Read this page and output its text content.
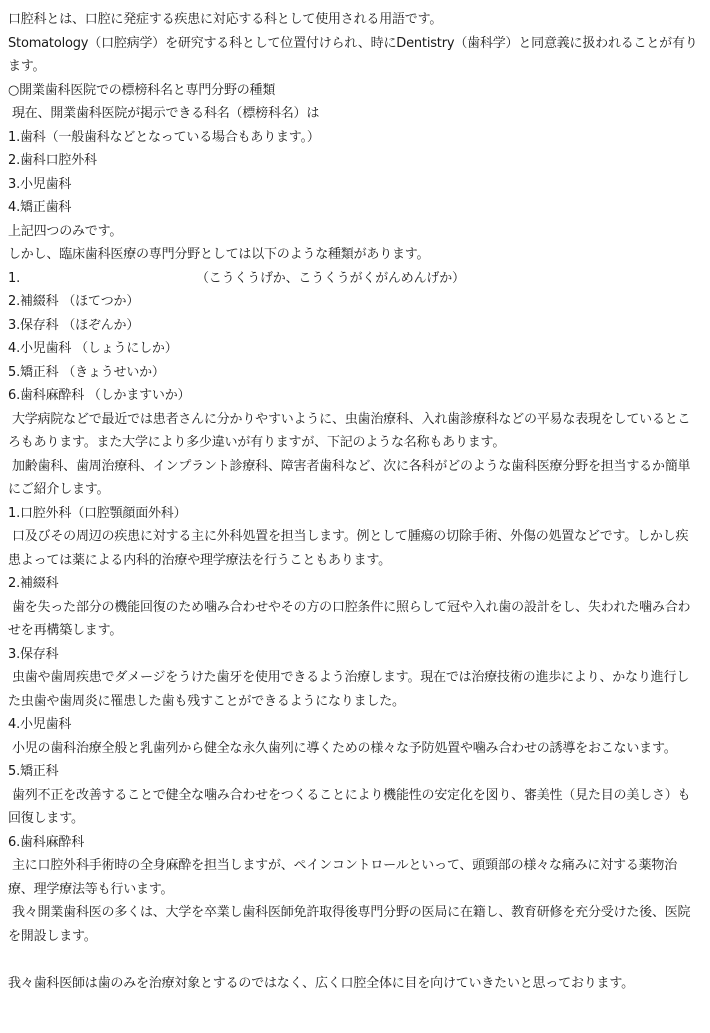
口腔科とは、口腔に発症する疾患に対応する科として使用される用語です。

Stomatology（口腔病学）を研究する科として位置付けられ、時にDentistry（歯科学）と同意義に扱われることが有ります。

○開業歯科医院での標榜科名と専門分野の種類

現在、開業歯科医院が掲示できる科名（標榜科名）は

1.歯科（一般歯科などとなっている場合もあります。）

2.歯科口腔外科

3.小児歯科

4.矯正歯科

上記四つのみです。

しかし、臨床歯科医療の専門分野としては以下のような種類があります。

1.	（こうくうげか、こうくうがくがんめんげか）

2.補綴科 （ほてつか）

3.保存科 （ほぞんか）

4.小児歯科 （しょうにしか）

5.矯正科 （きょうせいか）

6.歯科麻酔科 （しかますいか）

大学病院などで最近では患者さんに分かりやすいように、虫歯治療科、入れ歯診療科などの平易な表現をしているところもあります。また大学により多少違いが有りますが、下記のような名称もあります。

加齢歯科、歯周治療科、インプラント診療科、障害者歯科など、次に各科がどのような歯科医療分野を担当するか簡単にご紹介します。

1.口腔外科（口腔顎顔面外科）

口及びその周辺の疾患に対する主に外科処置を担当します。例として腫瘍の切除手術、外傷の処置などです。しかし疾患よっては薬による内科的治療や理学療法を行うこともあります。

2.補綴科

歯を失った部分の機能回復のため噛み合わせやその方の口腔条件に照らして冠や入れ歯の設計をし、失われた噛み合わせを再構築します。

3.保存科

虫歯や歯周疾患でダメージをうけた歯牙を使用できるよう治療します。現在では治療技術の進歩により、かなり進行した虫歯や歯周炎に罹患した歯も残すことができるようになりました。

4.小児歯科

小児の歯科治療全般と乳歯列から健全な永久歯列に導くための様々な予防処置や噛み合わせの誘導をおこないます。

5.矯正科

歯列不正を改善することで健全な噛み合わせをつくることにより機能性の安定化を図り、審美性（見た目の美しさ）も回復します。

6.歯科麻酔科

主に口腔外科手術時の全身麻酔を担当しますが、ペインコントロールといって、頭頸部の様々な痛みに対する薬物治療、理学療法等も行います。

我々開業歯科医の多くは、大学を卒業し歯科医師免許取得後専門分野の医局に在籍し、教育研修を充分受けた後、医院を開設します。

我々歯科医師は歯のみを治療対象とするのではなく、広く口腔全体に目を向けていきたいと思っております。
